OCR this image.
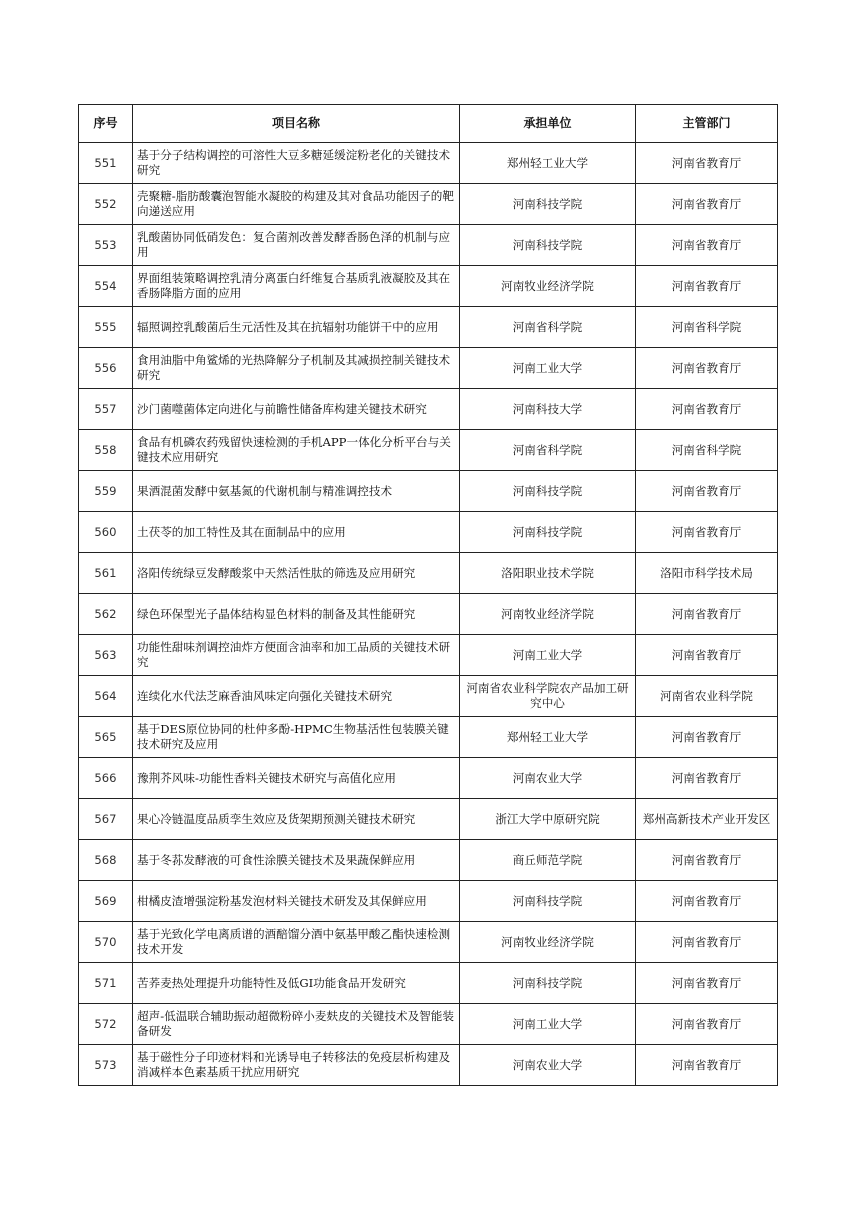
序号	项目名称	承担单位	主管部门
551	基于分子结构调控的可溶性大豆多糖延缓淀粉老化的关键技术研究	郑州轻工业大学	河南省教育厅
552	壳聚糖-脂肪酸囊泡智能水凝胶的构建及其对食品功能因子的靶向递送应用	河南科技学院	河南省教育厅
553	乳酸菌协同低硝发色：复合菌剂改善发酵香肠色泽的机制与应用	河南科技学院	河南省教育厅
554	界面组装策略调控乳清分离蛋白纤维复合基质乳液凝胶及其在香肠降脂方面的应用	河南牧业经济学院	河南省教育厅
555	辐照调控乳酸菌后生元活性及其在抗辐射功能饼干中的应用	河南省科学院	河南省科学院
556	食用油脂中角鲨烯的光热降解分子机制及其减损控制关键技术研究	河南工业大学	河南省教育厅
557	沙门菌噬菌体定向进化与前瞻性储备库构建关键技术研究	河南科技大学	河南省教育厅
558	食品有机磷农药残留快速检测的手机APP一体化分析平台与关键技术应用研究	河南省科学院	河南省科学院
559	果酒混菌发酵中氨基氮的代谢机制与精准调控技术	河南科技学院	河南省教育厅
560	土茯苓的加工特性及其在面制品中的应用	河南科技学院	河南省教育厅
561	洛阳传统绿豆发酵酸浆中天然活性肽的筛选及应用研究	洛阳职业技术学院	洛阳市科学技术局
562	绿色环保型光子晶体结构显色材料的制备及其性能研究	河南牧业经济学院	河南省教育厅
563	功能性甜味剂调控油炸方便面含油率和加工品质的关键技术研究	河南工业大学	河南省教育厅
564	连续化水代法芝麻香油风味定向强化关键技术研究	河南省农业科学院农产品加工研究中心	河南省农业科学院
565	基于DES原位协同的杜仲多酚-HPMC生物基活性包装膜关键技术研究及应用	郑州轻工业大学	河南省教育厅
566	豫荆芥风味-功能性香料关键技术研究与高值化应用	河南农业大学	河南省教育厅
567	果心冷链温度品质孪生效应及货架期预测关键技术研究	浙江大学中原研究院	郑州高新技术产业开发区
568	基于冬荪发酵液的可食性涂膜关键技术及果蔬保鲜应用	商丘师范学院	河南省教育厅
569	柑橘皮渣增强淀粉基发泡材料关键技术研发及其保鲜应用	河南科技学院	河南省教育厅
570	基于光致化学电离质谱的酒醅馏分酒中氨基甲酸乙酯快速检测技术开发	河南牧业经济学院	河南省教育厅
571	苦荞麦热处理提升功能特性及低GI功能食品开发研究	河南科技学院	河南省教育厅
572	超声-低温联合辅助振动超微粉碎小麦麸皮的关键技术及智能装备研发	河南工业大学	河南省教育厅
573	基于磁性分子印迹材料和光诱导电子转移法的免疫层析构建及消减样本色素基质干扰应用研究	河南农业大学	河南省教育厅
